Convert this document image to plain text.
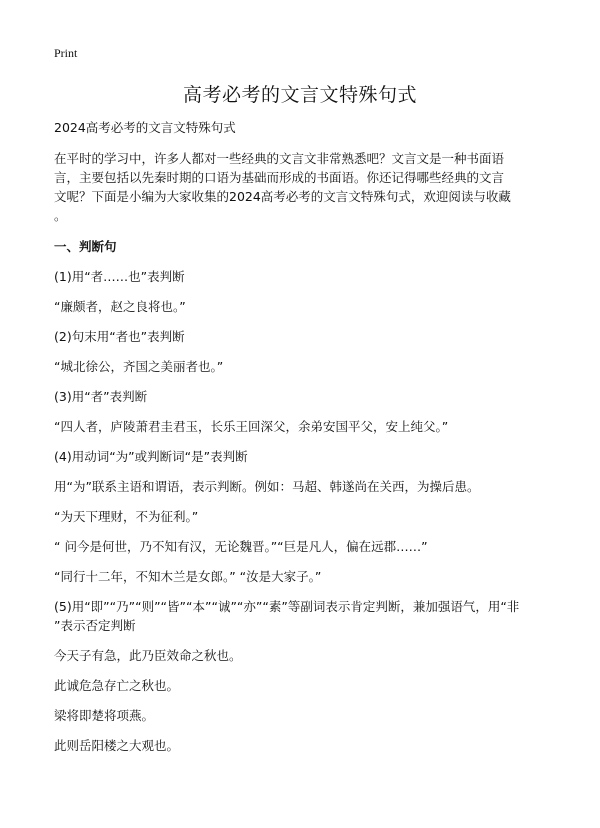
Print
高考必考的文言文特殊句式

2024高考必考的文言文特殊句式

在平时的学习中，许多人都对一些经典的文言文非常熟悉吧？文言文是一种书面语
言，主要包括以先秦时期的口语为基础而形成的书面语。你还记得哪些经典的文言
文呢？下面是小编为大家收集的2024高考必考的文言文特殊句式，欢迎阅读与收藏
。

一、判断句

(1)用“者……也”表判断

“廉颇者，赵之良将也。”

(2)句末用“者也”表判断

“城北徐公，齐国之美丽者也。”

(3)用“者”表判断

“四人者，庐陵萧君圭君玉，长乐王回深父，余弟安国平父，安上纯父。”

(4)用动词“为”或判断词“是”表判断

用“为”联系主语和谓语，表示判断。例如：马超、韩遂尚在关西，为操后患。

“为天下理财，不为征利。”

“ 问今是何世，乃不知有汉，无论魏晋。”“巨是凡人，偏在远郡……”

“同行十二年，不知木兰是女郎。” “汝是大家子。”

(5)用“即”“乃”“则”“皆”“本”“诚”“亦”“素”等副词表示肯定判断，兼加强语气，用“非
”表示否定判断

今天子有急，此乃臣效命之秋也。

此诚危急存亡之秋也。

梁将即楚将项燕。

此则岳阳楼之大观也。
